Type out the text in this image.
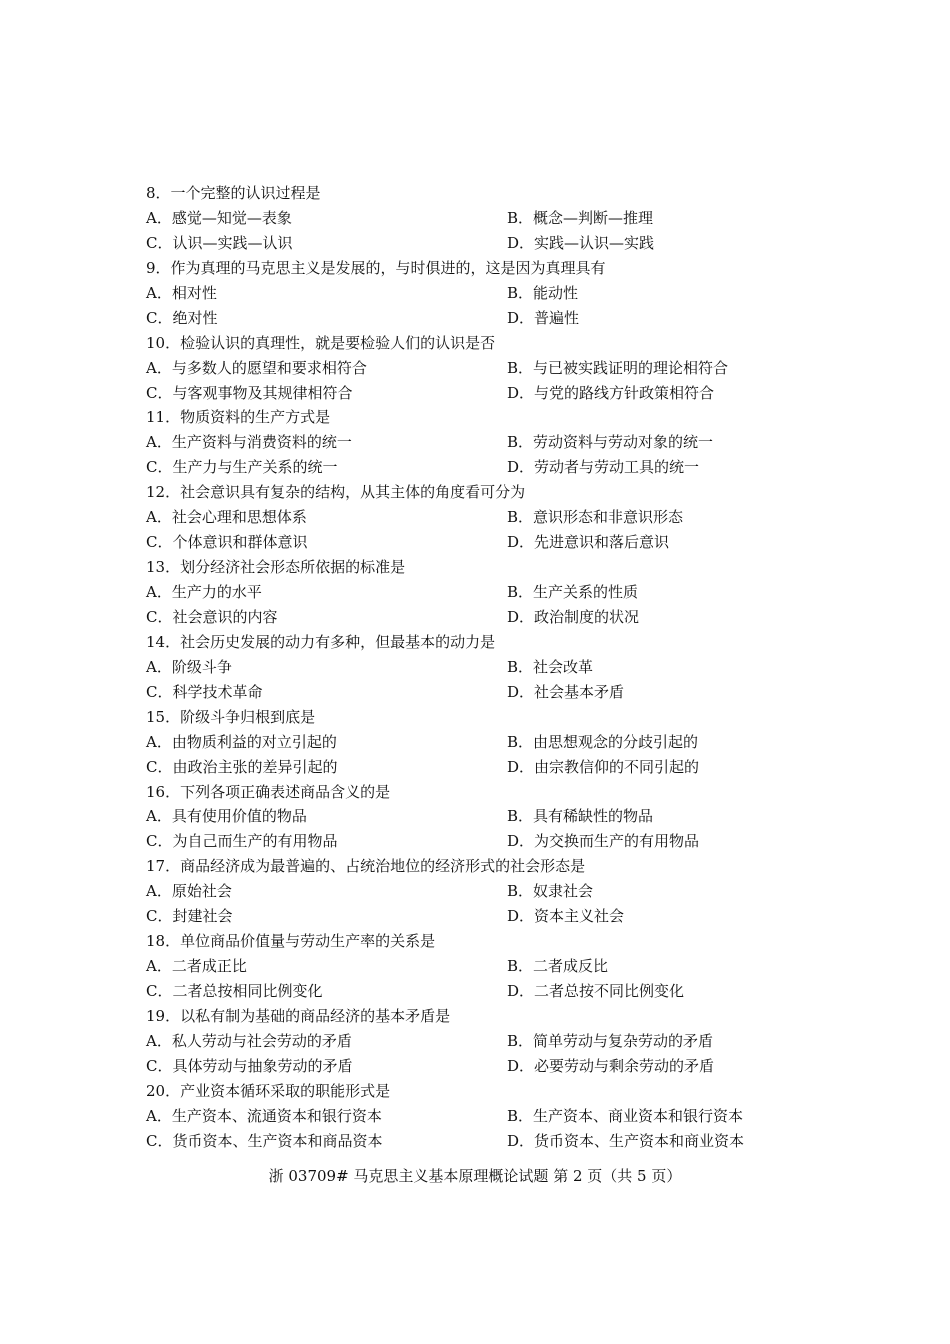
8．一个完整的认识过程是
A．感觉—知觉—表象	B．概念—判断—推理
C．认识—实践—认识	D．实践—认识—实践
9．作为真理的马克思主义是发展的，与时俱进的，这是因为真理具有
A．相对性	B．能动性
C．绝对性	D．普遍性
10．检验认识的真理性，就是要检验人们的认识是否
A．与多数人的愿望和要求相符合	B．与已被实践证明的理论相符合
C．与客观事物及其规律相符合	D．与党的路线方针政策相符合
11．物质资料的生产方式是
A．生产资料与消费资料的统一	B．劳动资料与劳动对象的统一
C．生产力与生产关系的统一	D．劳动者与劳动工具的统一
12．社会意识具有复杂的结构，从其主体的角度看可分为
A．社会心理和思想体系	B．意识形态和非意识形态
C．个体意识和群体意识	D．先进意识和落后意识
13．划分经济社会形态所依据的标准是
A．生产力的水平	B．生产关系的性质
C．社会意识的内容	D．政治制度的状况
14．社会历史发展的动力有多种，但最基本的动力是
A．阶级斗争	B．社会改革
C．科学技术革命	D．社会基本矛盾
15．阶级斗争归根到底是
A．由物质利益的对立引起的	B．由思想观念的分歧引起的
C．由政治主张的差异引起的	D．由宗教信仰的不同引起的
16．下列各项正确表述商品含义的是
A．具有使用价值的物品	B．具有稀缺性的物品
C．为自己而生产的有用物品	D．为交换而生产的有用物品
17．商品经济成为最普遍的、占统治地位的经济形式的社会形态是
A．原始社会	B．奴隶社会
C．封建社会	D．资本主义社会
18．单位商品价值量与劳动生产率的关系是
A．二者成正比	B．二者成反比
C．二者总按相同比例变化	D．二者总按不同比例变化
19．以私有制为基础的商品经济的基本矛盾是
A．私人劳动与社会劳动的矛盾	B．简单劳动与复杂劳动的矛盾
C．具体劳动与抽象劳动的矛盾	D．必要劳动与剩余劳动的矛盾
20．产业资本循环采取的职能形式是
A．生产资本、流通资本和银行资本	B．生产资本、商业资本和银行资本
C．货币资本、生产资本和商品资本	D．货币资本、生产资本和商业资本
浙 03709# 马克思主义基本原理概论试题 第 2 页（共 5 页）
